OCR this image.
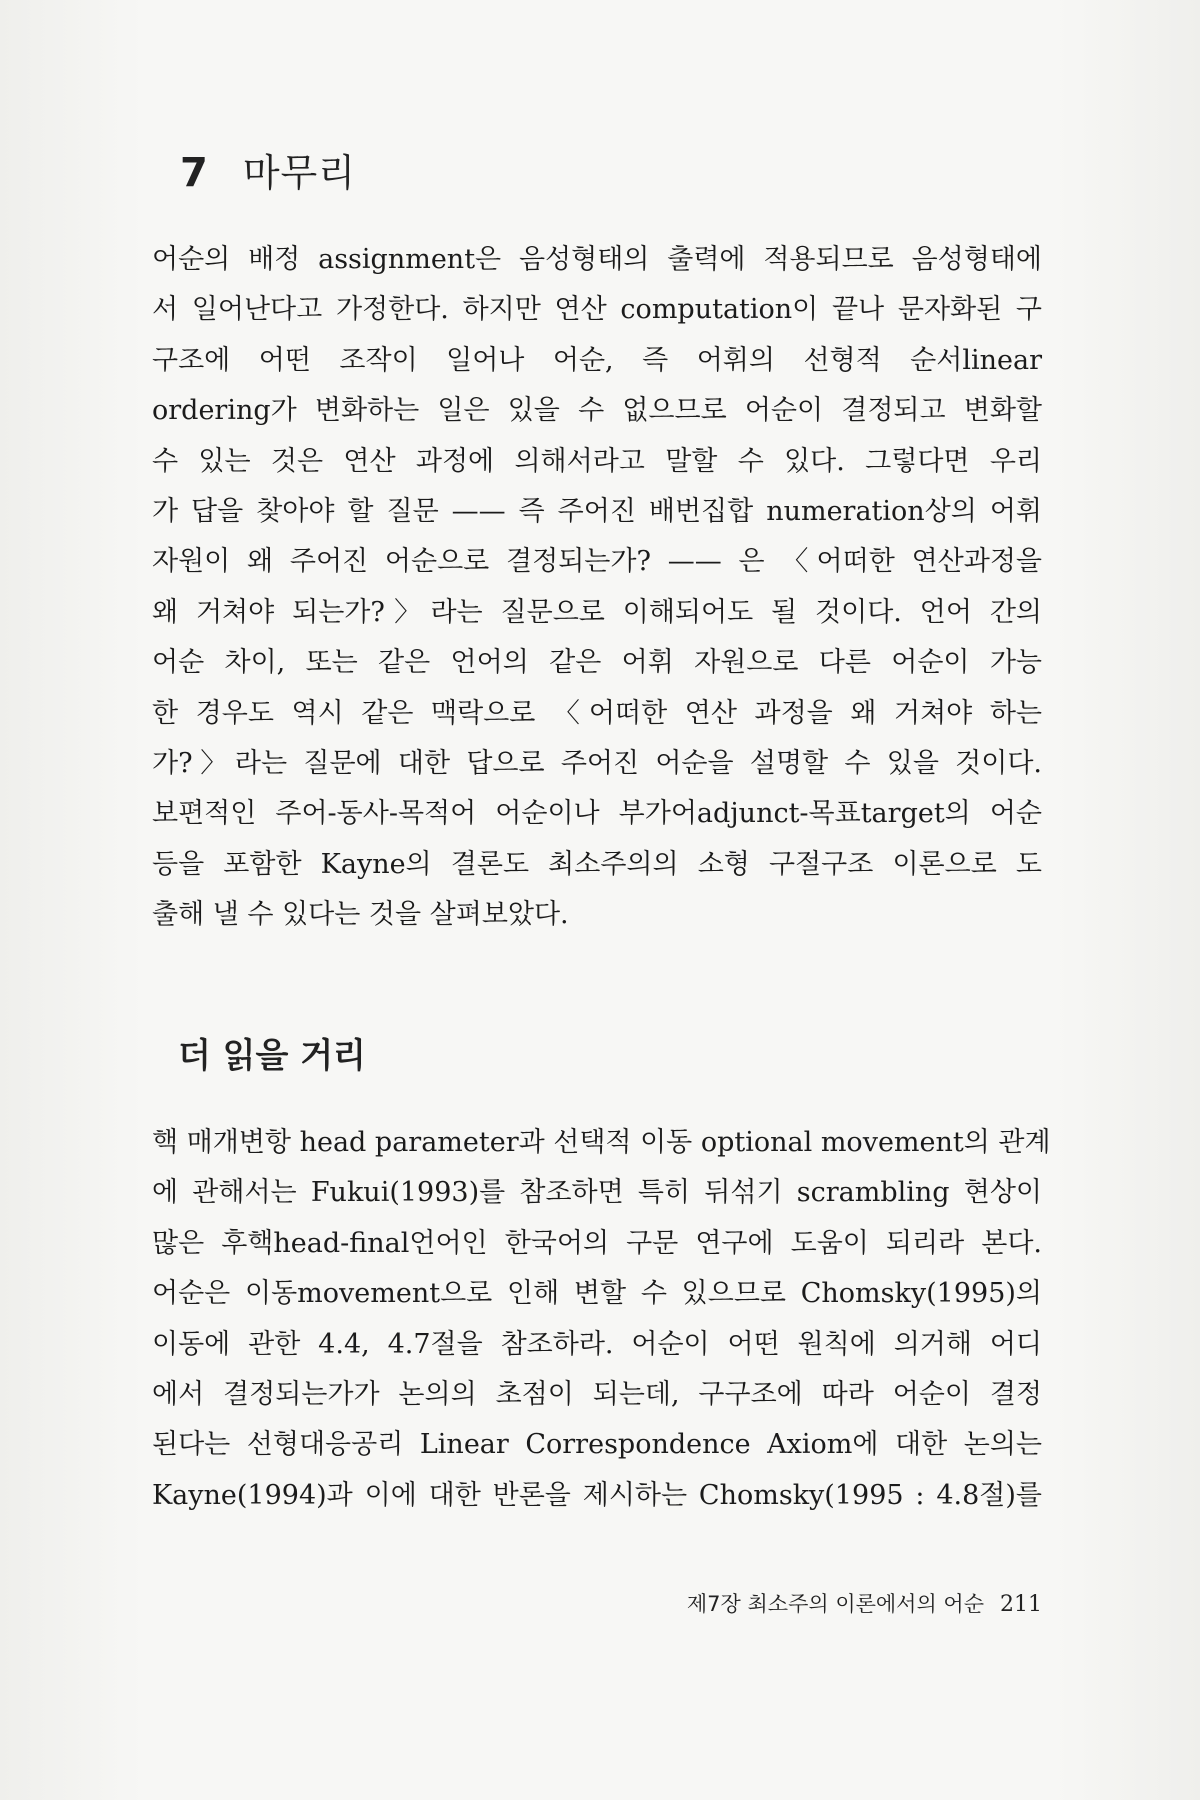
7 마무리
어순의 배정 assignment은 음성형태의 출력에 적용되므로 음성형태에
서 일어난다고 가정한다. 하지만 연산 computation이 끝나 문자화된 구
구조에 어떤 조작이 일어나 어순, 즉 어휘의 선형적 순서linear
ordering가 변화하는 일은 있을 수 없으므로 어순이 결정되고 변화할
수 있는 것은 연산 과정에 의해서라고 말할 수 있다. 그렇다면 우리
가 답을 찾아야 할 질문 —— 즉 주어진 배번집합 numeration상의 어휘
자원이 왜 주어진 어순으로 결정되는가? —— 은 〈어떠한 연산과정을
왜 거쳐야 되는가?〉라는 질문으로 이해되어도 될 것이다. 언어 간의
어순 차이, 또는 같은 언어의 같은 어휘 자원으로 다른 어순이 가능
한 경우도 역시 같은 맥락으로 〈어떠한 연산 과정을 왜 거쳐야 하는
가?〉라는 질문에 대한 답으로 주어진 어순을 설명할 수 있을 것이다.
보편적인 주어-동사-목적어 어순이나 부가어adjunct-목표target의 어순
등을 포함한 Kayne의 결론도 최소주의의 소형 구절구조 이론으로 도
출해 낼 수 있다는 것을 살펴보았다.
더 읽을 거리
핵 매개변항 head parameter과 선택적 이동 optional movement의 관계
에 관해서는 Fukui(1993)를 참조하면 특히 뒤섞기 scrambling 현상이
많은 후핵head-final언어인 한국어의 구문 연구에 도움이 되리라 본다.
어순은 이동movement으로 인해 변할 수 있으므로 Chomsky(1995)의
이동에 관한 4.4, 4.7절을 참조하라. 어순이 어떤 원칙에 의거해 어디
에서 결정되는가가 논의의 초점이 되는데, 구구조에 따라 어순이 결정
된다는 선형대응공리 Linear Correspondence Axiom에 대한 논의는
Kayne(1994)과 이에 대한 반론을 제시하는 Chomsky(1995 : 4.8절)를
제7장 최소주의 이론에서의 어순 211
